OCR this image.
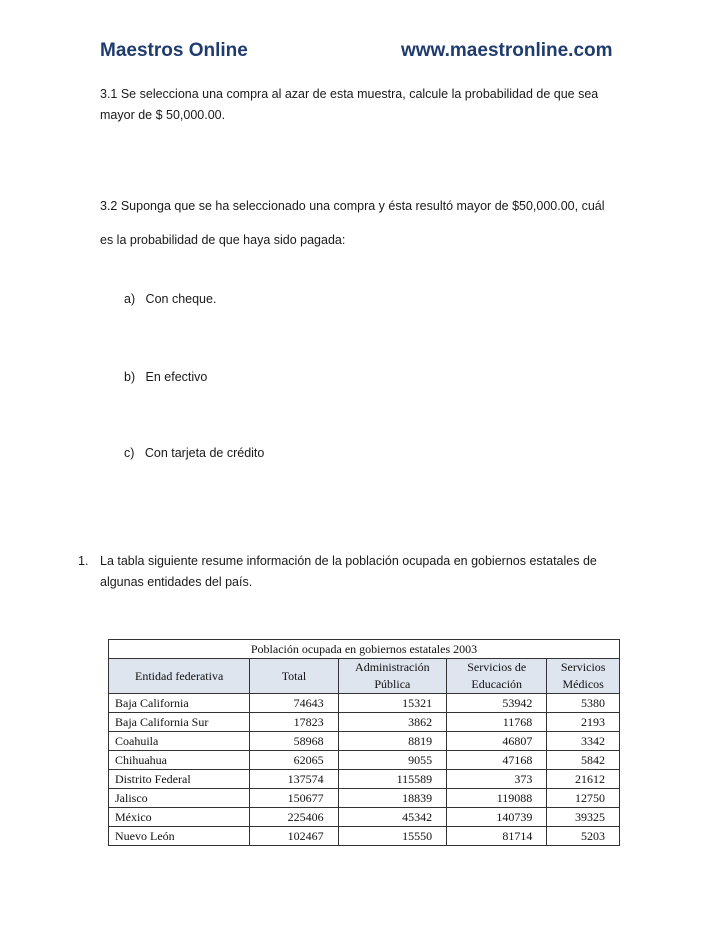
Maestros Online	www.maestronline.com
3.1 Se selecciona una compra al azar de esta muestra, calcule la probabilidad de que sea mayor de $ 50,000.00.
3.2 Suponga que se ha seleccionado una compra y ésta resultó mayor de $50,000.00, cuál es la probabilidad de que haya sido pagada:
a) Con cheque.
b) En efectivo
c) Con tarjeta de crédito
1. La tabla siguiente resume información de la población ocupada en gobiernos estatales de algunas entidades del país.
Población ocupada en gobiernos estatales 2003				
Entidad federativa	Total	Administración	Servicios de	Servicios
		Pública	Educación	Médicos
Baja California	74643	15321	53942	5380
Baja California Sur	17823	3862	11768	2193
Coahuila	58968	8819	46807	3342
Chihuahua	62065	9055	47168	5842
Distrito Federal	137574	115589	373	21612
Jalisco	150677	18839	119088	12750
México	225406	45342	140739	39325
Nuevo León	102467	15550	81714	5203
